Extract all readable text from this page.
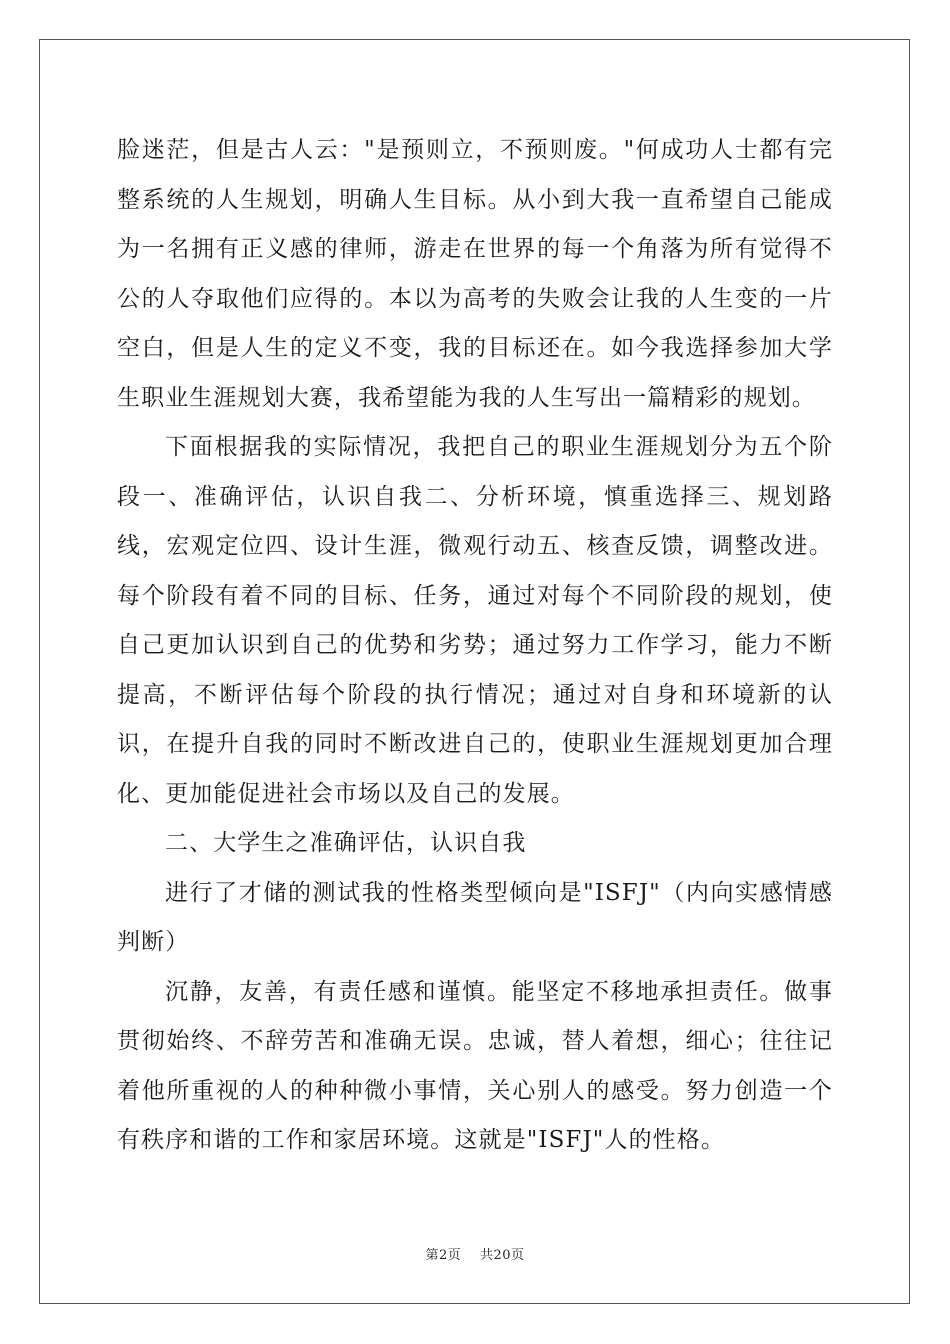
脸迷茫，但是古人云："是预则立，不预则废。"何成功人士都有完整系统的人生规划，明确人生目标。从小到大我一直希望自己能成为一名拥有正义感的律师，游走在世界的每一个角落为所有觉得不公的人夺取他们应得的。本以为高考的失败会让我的人生变的一片空白，但是人生的定义不变，我的目标还在。如今我选择参加大学生职业生涯规划大赛，我希望能为我的人生写出一篇精彩的规划。

下面根据我的实际情况，我把自己的职业生涯规划分为五个阶段一、准确评估，认识自我二、分析环境，慎重选择三、规划路线，宏观定位四、设计生涯，微观行动五、核查反馈，调整改进。每个阶段有着不同的目标、任务，通过对每个不同阶段的规划，使自己更加认识到自己的优势和劣势；通过努力工作学习，能力不断提高，不断评估每个阶段的执行情况；通过对自身和环境新的认识，在提升自我的同时不断改进自己的，使职业生涯规划更加合理化、更加能促进社会市场以及自己的发展。

二、大学生之准确评估，认识自我

进行了才储的测试我的性格类型倾向是"ISFJ"（内向实感情感判断）

沉静，友善，有责任感和谨慎。能坚定不移地承担责任。做事贯彻始终、不辞劳苦和准确无误。忠诚，替人着想，细心；往往记着他所重视的人的种种微小事情，关心别人的感受。努力创造一个有秩序和谐的工作和家居环境。这就是"ISFJ"人的性格。

第2页 共20页
